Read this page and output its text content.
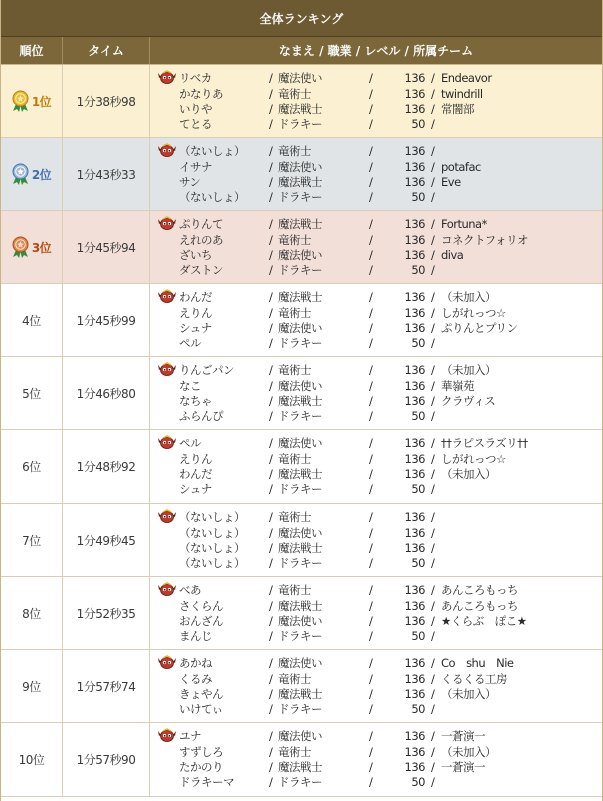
全体ランキング
順位	タイム	なまえ / 職業 / レベル / 所属チーム
1位 1分38秒98
リベカ	/ 魔法使い	/	136 / Endeavor
かなりあ	/ 竜術士	/	136 / twindrill
いりや	/ 魔法戦士	/	136 / 常闇部
てとる	/ ドラキー	/	50 /
2位 1分43秒33
（ないしょ） / 竜術士	/	136 /
イサナ	/ 魔法使い	/	136 / potafac
サン	/ 魔法戦士	/	136 / Eve
（ないしょ） / ドラキー	/	50 /
3位 1分45秒94
ぷりんて	/ 魔法戦士	/	136 / Fortuna*
えれのあ	/ 竜術士	/	136 / コネクトフォリオ
ざいち	/ 魔法使い	/	136 / diva
ダストン	/ ドラキー	/	50 /
4位	1分45秒99
わんだ	/ 魔法戦士	/	136 / （未加入）
えりん	/ 竜術士	/	136 / しがれっつ☆
シュナ	/ 魔法使い	/	136 / ぷりんとプリン
ペル	/ ドラキー	/	50 /
5位	1分46秒80
りんごパン	/ 竜術士	/	136 / （未加入）
なこ	/ 魔法使い	/	136 / 華嶺苑
なちゃ	/ 魔法戦士	/	136 / クラヴィス
ふらんぴ	/ ドラキー	/	50 /
6位	1分48秒92
ペル	/ 魔法使い	/	136 / ††ラピスラズリ††
えりん	/ 竜術士	/	136 / しがれっつ☆
わんだ	/ 魔法戦士	/	136 / （未加入）
シュナ	/ ドラキー	/	50 /
7位	1分49秒45
（ないしょ） / 竜術士	/	136 /
（ないしょ） / 魔法使い	/	136 /
（ないしょ） / 魔法戦士	/	136 /
（ないしょ） / ドラキー	/	50 /
8位	1分52秒35
べあ	/ 竜術士	/	136 / あんころもっち
さくらん	/ 魔法戦士	/	136 / あんころもっち
おんざん	/ 魔法使い	/	136 / ★くらぶ　ぽこ★
まんじ	/ ドラキー	/	50 /
9位	1分57秒74
あかね	/ 魔法使い	/	136 / Co　shu　Nie
くるみ	/ 竜術士	/	136 / くるくる工房
きょやん	/ 魔法戦士	/	136 / （未加入）
いけてぃ	/ ドラキー	/	50 /
10位	1分57秒90
ユナ	/ 魔法使い	/	136 / 一蒼演一
すずしろ	/ 竜術士	/	136 / （未加入）
たかのり	/ 魔法戦士	/	136 / 一蒼演一
ドラキーマ	/ ドラキー	/	50 /
